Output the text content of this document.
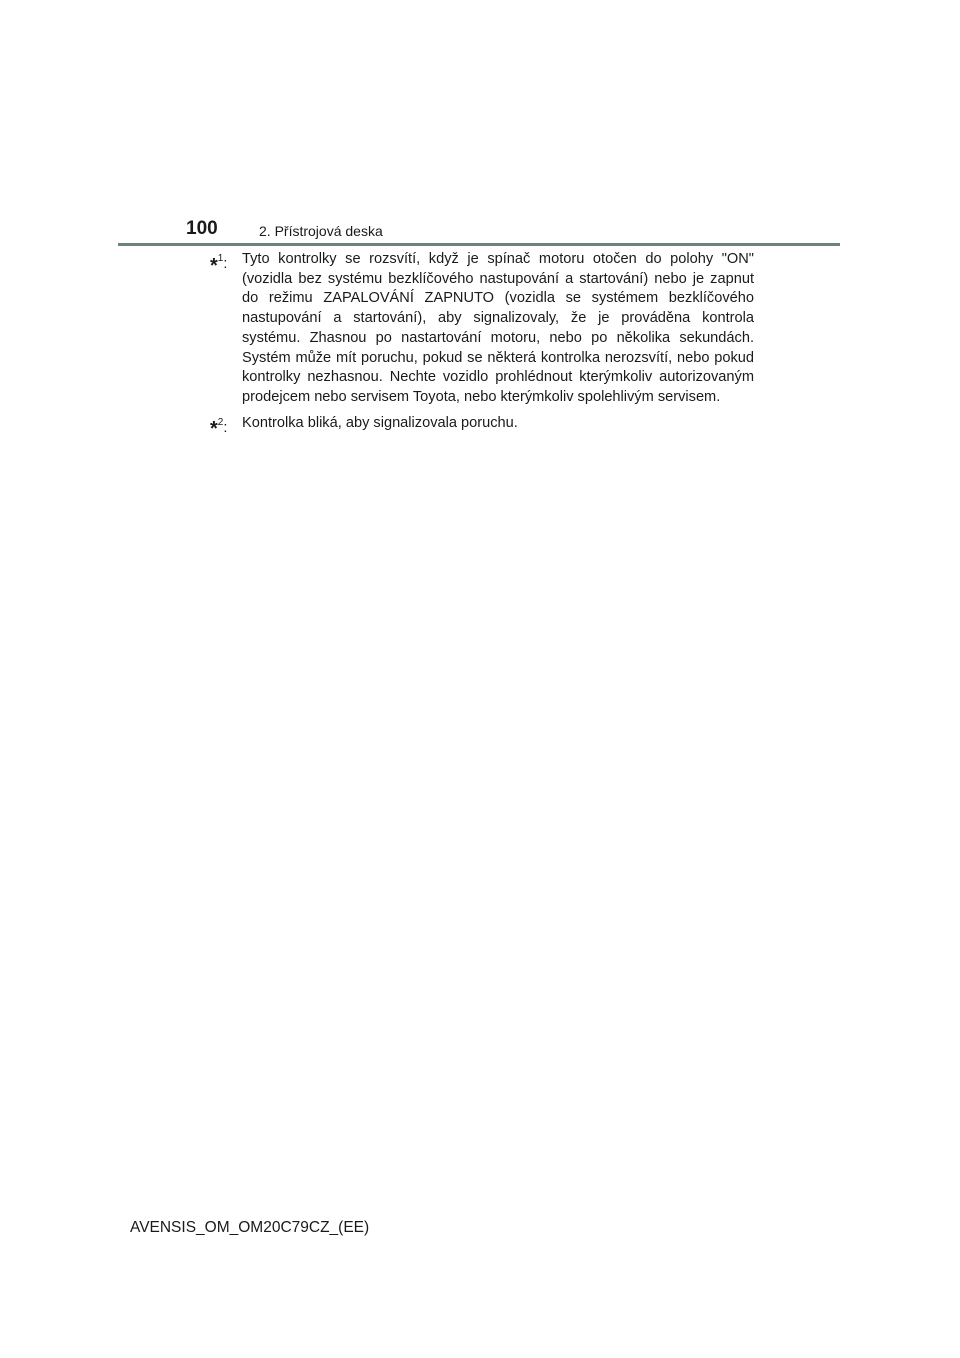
100	2. Přístrojová deska
*$^1$: Tyto kontrolky se rozsvítí, když je spínač motoru otočen do polohy "ON" (vozidla bez systému bezklíčového nastupování a startování) nebo je zapnut do režimu ZAPALOVÁNÍ ZAPNUTO (vozidla se systémem bezklíčového nastupování a startování), aby signalizovaly, že je prováděna kontrola systému. Zhasnou po nastartování motoru, nebo po několika sekundách. Systém může mít poruchu, pokud se některá kontrolka nerozsvítí, nebo pokud kontrolky nezhasnou. Nechte vozidlo prohlédnout kterýmkoliv autorizovaným prodejcem nebo servisem Toyota, nebo kterýmkoliv spolehlivým servisem.
*$^2$: Kontrolka bliká, aby signalizovala poruchu.
AVENSIS_OM_OM20C79CZ_(EE)
